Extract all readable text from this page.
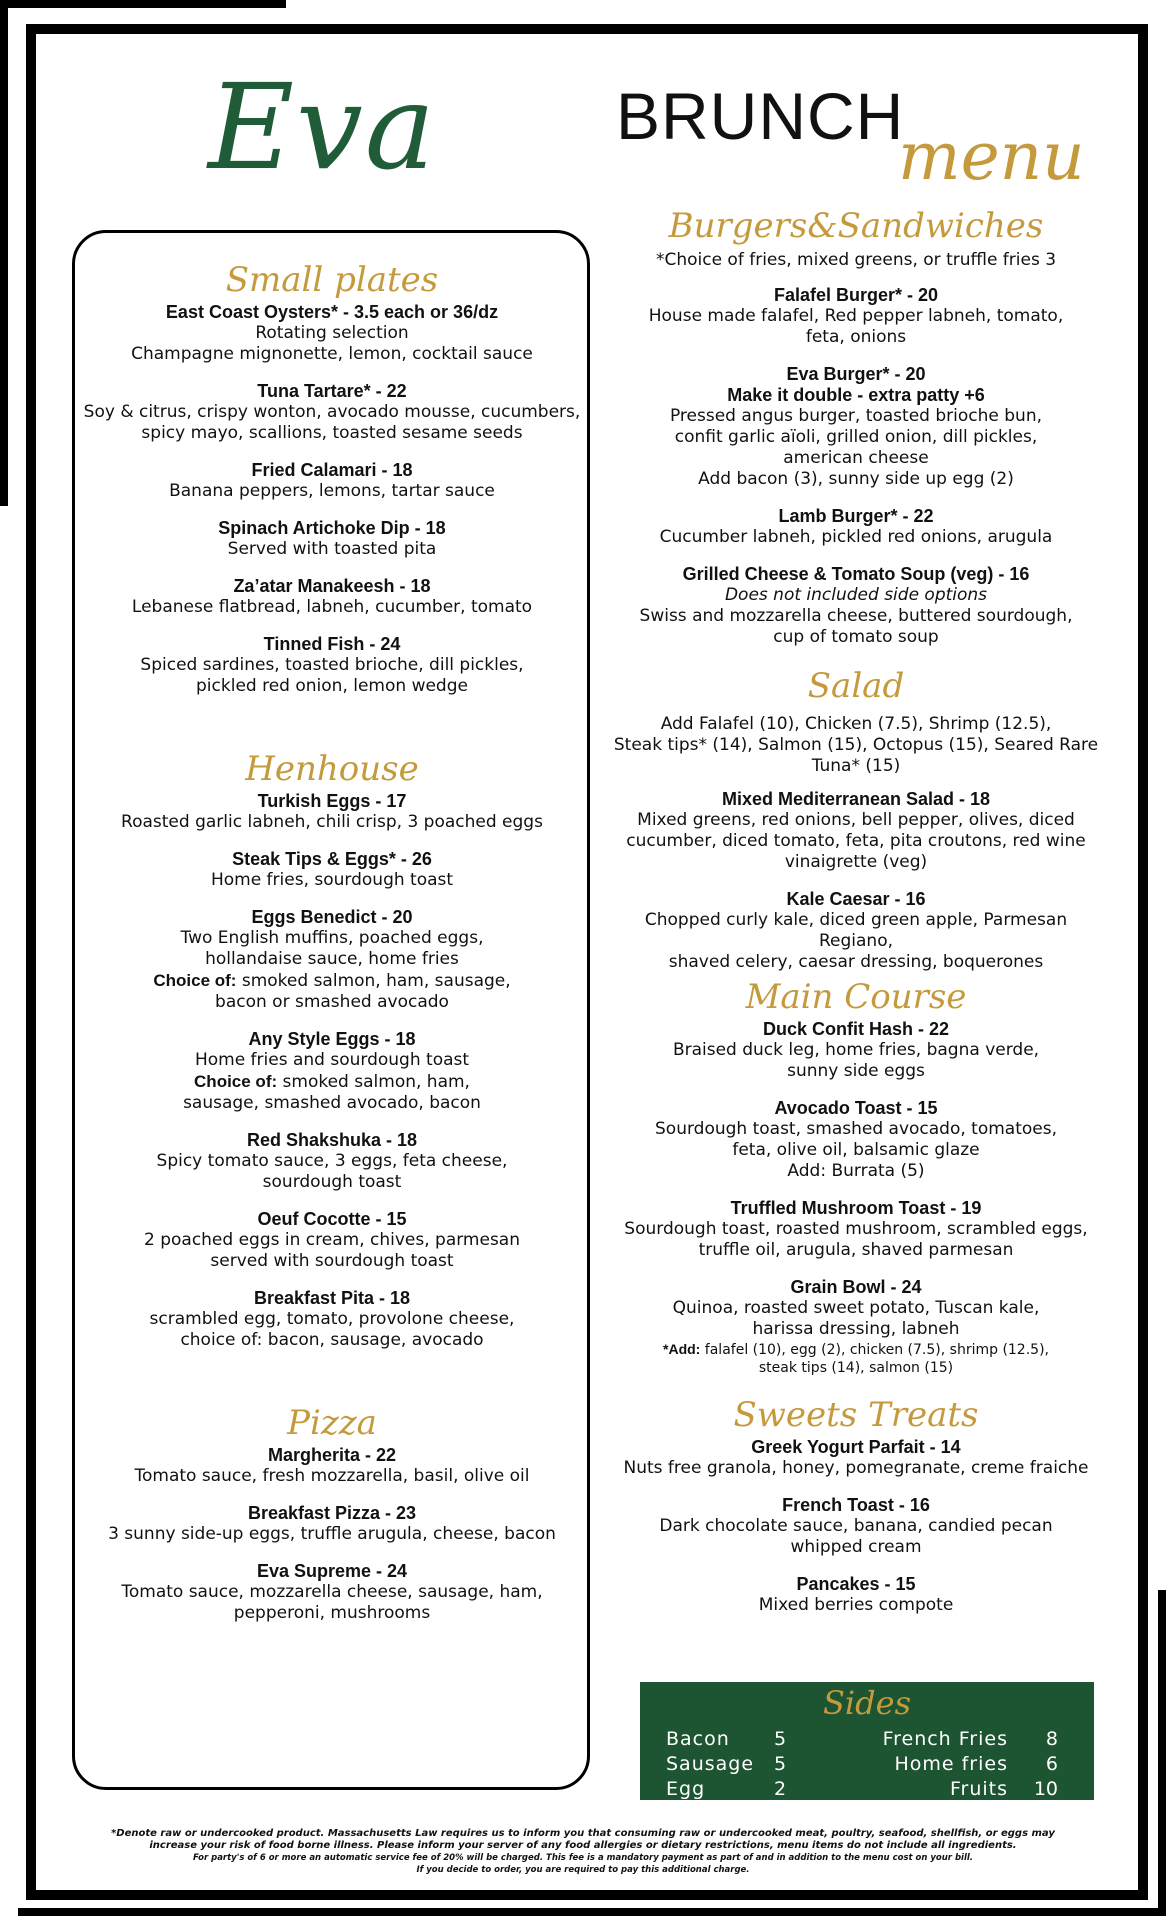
Eva	BRUNCH
menu
Small plates
East Coast Oysters* - 3.5 each or 36/dz
Rotating selection
Champagne mignonette, lemon, cocktail sauce
Tuna Tartare* - 22
Soy & citrus, crispy wonton, avocado mousse, cucumbers,
spicy mayo, scallions, toasted sesame seeds
Fried Calamari - 18
Banana peppers, lemons, tartar sauce
Spinach Artichoke Dip - 18
Served with toasted pita
Za’atar Manakeesh - 18
Lebanese flatbread, labneh, cucumber, tomato
Tinned Fish - 24
Spiced sardines, toasted brioche, dill pickles,
pickled red onion, lemon wedge
Henhouse
Turkish Eggs - 17
Roasted garlic labneh, chili crisp, 3 poached eggs
Steak Tips & Eggs* - 26
Home fries, sourdough toast
Eggs Benedict - 20
Two English muffins, poached eggs,
hollandaise sauce, home fries
Choice of: smoked salmon, ham, sausage,
bacon or smashed avocado
Any Style Eggs - 18
Home fries and sourdough toast
Choice of: smoked salmon, ham,
sausage, smashed avocado, bacon
Red Shakshuka - 18
Spicy tomato sauce, 3 eggs, feta cheese,
sourdough toast
Oeuf Cocotte - 15
2 poached eggs in cream, chives, parmesan
served with sourdough toast
Breakfast Pita - 18
scrambled egg, tomato, provolone cheese,
choice of: bacon, sausage, avocado
Pizza
Margherita - 22
Tomato sauce, fresh mozzarella, basil, olive oil
Breakfast Pizza - 23
3 sunny side-up eggs, truffle arugula, cheese, bacon
Eva Supreme - 24
Tomato sauce, mozzarella cheese, sausage, ham,
pepperoni, mushrooms
Burgers&Sandwiches
*Choice of fries, mixed greens, or truffle fries 3
Falafel Burger* - 20
House made falafel, Red pepper labneh, tomato,
feta, onions
Eva Burger* - 20
Make it double - extra patty +6
Pressed angus burger, toasted brioche bun,
confit garlic aïoli, grilled onion, dill pickles,
american cheese
Add bacon (3), sunny side up egg (2)
Lamb Burger* - 22
Cucumber labneh, pickled red onions, arugula
Grilled Cheese & Tomato Soup (veg) - 16
Does not included side options
Swiss and mozzarella cheese, buttered sourdough,
cup of tomato soup
Salad
Add Falafel (10), Chicken (7.5), Shrimp (12.5),
Steak tips* (14), Salmon (15), Octopus (15), Seared Rare
Tuna* (15)
Mixed Mediterranean Salad - 18
Mixed greens, red onions, bell pepper, olives, diced
cucumber, diced tomato, feta, pita croutons, red wine
vinaigrette (veg)
Kale Caesar - 16
Chopped curly kale, diced green apple, Parmesan Regiano,
shaved celery, caesar dressing, boquerones
Main Course
Duck Confit Hash - 22
Braised duck leg, home fries, bagna verde,
sunny side eggs
Avocado Toast - 15
Sourdough toast, smashed avocado, tomatoes,
feta, olive oil, balsamic glaze
Add: Burrata (5)
Truffled Mushroom Toast - 19
Sourdough toast, roasted mushroom, scrambled eggs,
truffle oil, arugula, shaved parmesan
Grain Bowl - 24
Quinoa, roasted sweet potato, Tuscan kale,
harissa dressing, labneh
*Add: falafel (10), egg (2), chicken (7.5), shrimp (12.5),
steak tips (14), salmon (15)
Sweets Treats
Greek Yogurt Parfait - 14
Nuts free granola, honey, pomegranate, creme fraiche
French Toast - 16
Dark chocolate sauce, banana, candied pecan
whipped cream
Pancakes - 15
Mixed berries compote
Sides
Bacon 5
Sausage 5
Egg	2
French Fries 8
Home fries 6
Fruits 10
*Denote raw or undercooked product. Massachusetts Law requires us to inform you that consuming raw or undercooked meat, poultry, seafood, shellfish, or eggs may
increase your risk of food borne illness. Please inform your server of any food allergies or dietary restrictions, menu items do not include all ingredients.
For party's of 6 or more an automatic service fee of 20% will be charged. This fee is a mandatory payment as part of and in addition to the menu cost on your bill.
If you decide to order, you are required to pay this additional charge.
